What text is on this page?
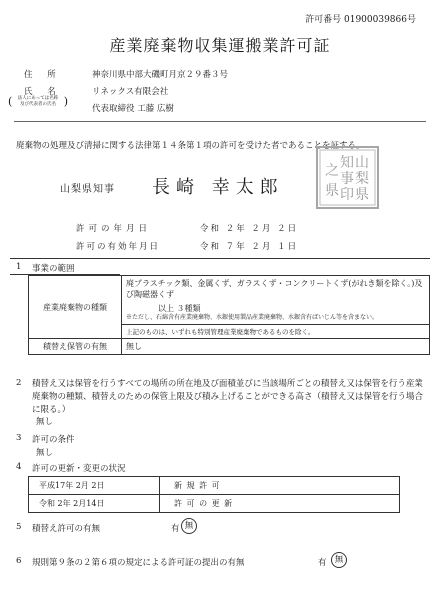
許可番号 0190003986​6号
産業廃棄物収集運搬業許可証
住 所	神奈川県中部大磯町月京２９番３号
氏 名	リネックス有限会社
( 法人にあっては名称及び代表者の氏名 )
代表取締役 工藤 広樹
廃棄物の処理及び清掃に関する法律第１４条第１項の許可を受けた者であることを証する。
山梨県知事 長崎 幸太郎
山
梨
県
知
事
印
之
県
許可の年月日	令和 ２年 ２月 ２日
許可の有効年月日	令和 ７年 ２月 １日
1 事業の範囲
産業廃棄物の種類	廃プラスチック類、金属くず、ガラスくず・コンクリートくず(がれき類を除く。)及び陶磁器くず

	以上 ３種類
※ただし、石綿含有産業廃棄物、水銀使用製品産業廃棄物、水銀含有ばいじん等を含まない。

	上記のものは、いずれも特別管理産業廃棄物であるものを除く。
積替え保管の有無	無し
2 積替え又は保管を行うすべての場所の所在地及び面積並びに当該場所ごとの積替え又は保管を行う産業廃棄物の種類、積替えのための保管上限及び積み上げることができる高さ（積替え又は保管を行う場合に限る。）
無し
3 許可の条件
無し
4 許可の更新・変更の状況
平成17年 2月 2日	新 規 許 可
令和 2年 2月14日	許 可 の 更 新
5 積替え許可の有無	有 無
6 規則第９条の２第６項の規定による許可証の提出の有無	有 無
